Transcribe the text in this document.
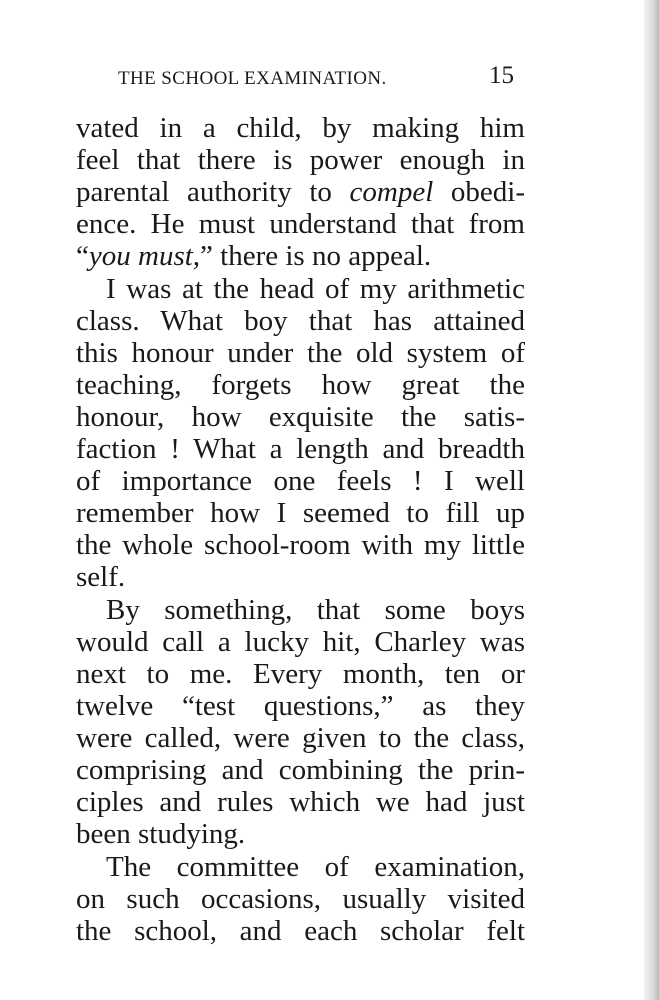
THE SCHOOL EXAMINATION.	15
vated in a child, by making him
feel that there is power enough in
parental authority to compel obedi-
ence. He must understand that from
“you must,” there is no appeal.
I was at the head of my arithmetic
class. What boy that has attained
this honour under the old system of
teaching, forgets how great the
honour, how exquisite the satis-
faction ! What a length and breadth
of importance one feels ! I well
remember how I seemed to fill up
the whole school-room with my little
self.
By something, that some boys
would call a lucky hit, Charley was
next to me. Every month, ten or
twelve “test questions,” as they
were called, were given to the class,
comprising and combining the prin-
ciples and rules which we had just
been studying.
The committee of examination,
on such occasions, usually visited
the school, and each scholar felt
